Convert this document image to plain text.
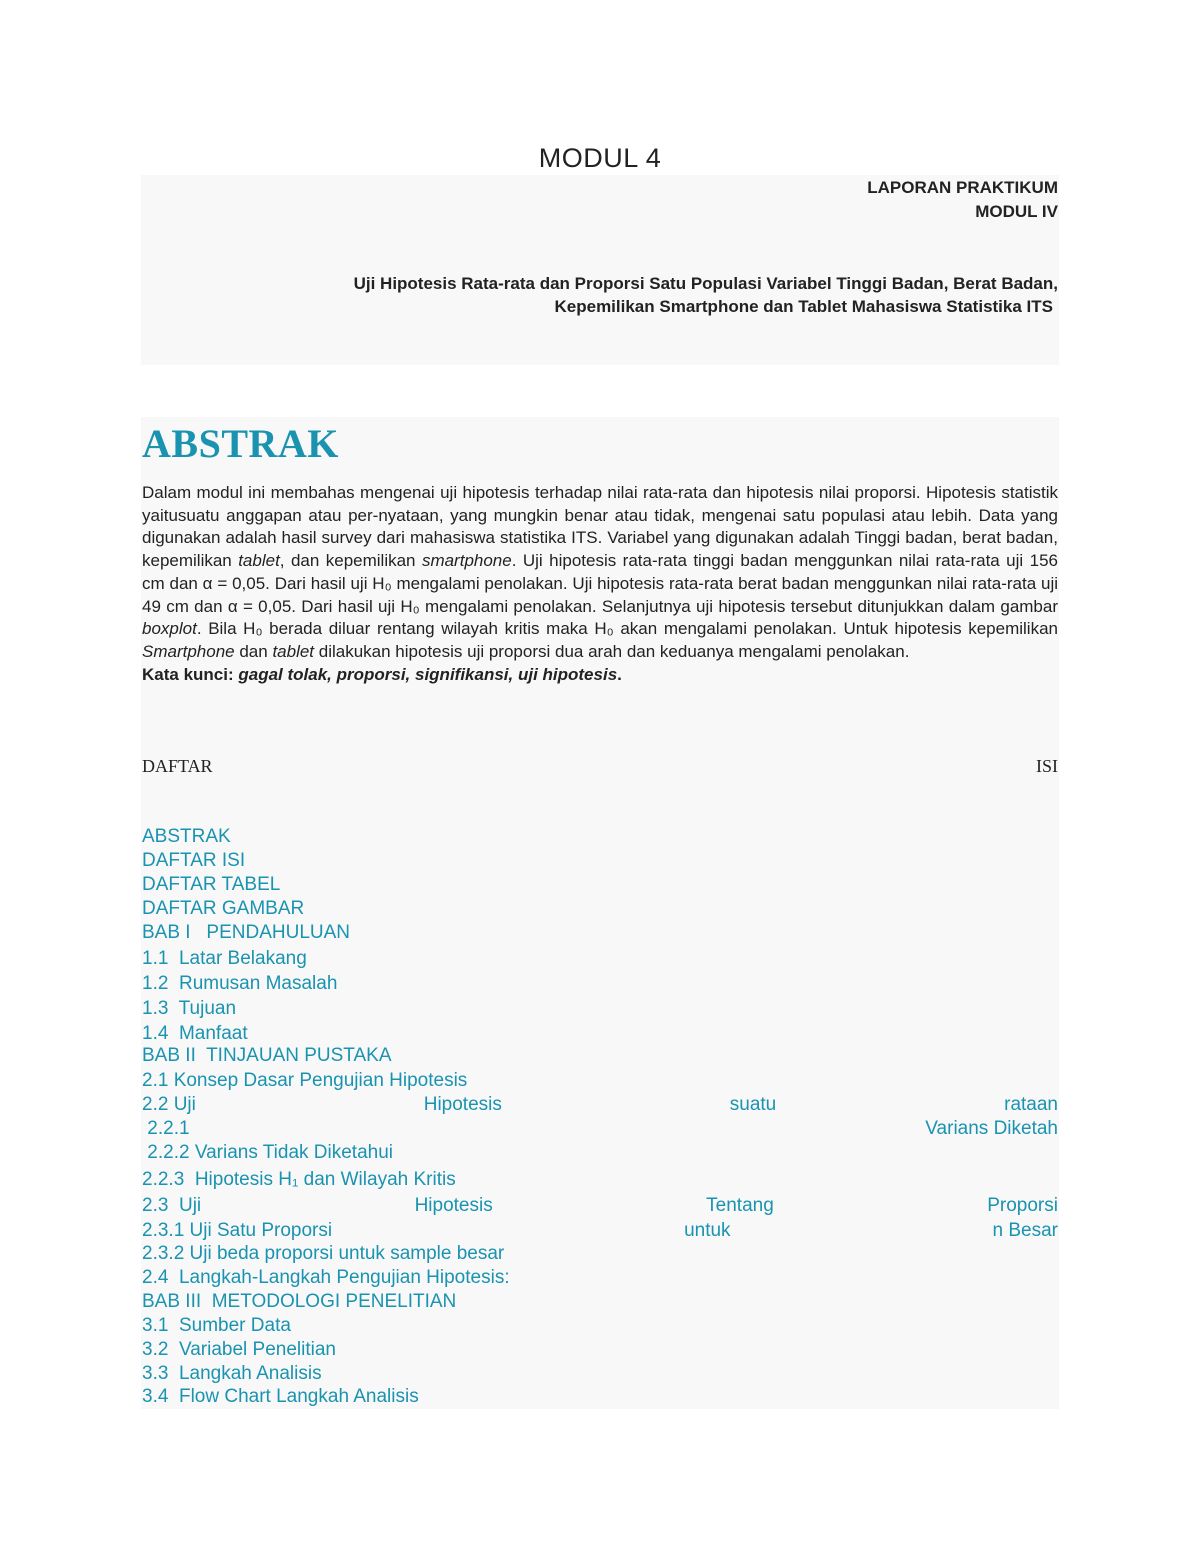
MODUL 4
LAPORAN PRAKTIKUM
MODUL IV
Uji Hipotesis Rata-rata dan Proporsi Satu Populasi Variabel Tinggi Badan, Berat Badan,
Kepemilikan Smartphone dan Tablet Mahasiswa Statistika ITS
ABSTRAK
Dalam modul ini membahas mengenai uji hipotesis terhadap nilai rata-rata dan hipotesis nilai proporsi. Hipotesis statistik yaitusuatu anggapan atau per-nyataan, yang mungkin benar atau tidak, mengenai satu populasi atau lebih. Data yang digunakan adalah hasil survey dari mahasiswa statistika ITS. Variabel yang digunakan adalah Tinggi badan, berat badan, kepemilikan tablet, dan kepemilikan smartphone. Uji hipotesis rata-rata tinggi badan menggunkan nilai rata-rata uji 156 cm dan α = 0,05. Dari hasil uji H₀ mengalami penolakan. Uji hipotesis rata-rata berat badan menggunkan nilai rata-rata uji 49 cm dan α = 0,05. Dari hasil uji H₀ mengalami penolakan. Selanjutnya uji hipotesis tersebut ditunjukkan dalam gambar boxplot. Bila H₀ berada diluar rentang wilayah kritis maka H₀ akan mengalami penolakan. Untuk hipotesis kepemilikan Smartphone dan tablet dilakukan hipotesis uji proporsi dua arah dan keduanya mengalami penolakan.
Kata kunci: gagal tolak, proporsi, signifikansi, uji hipotesis.
DAFTAR	ISI
ABSTRAK
DAFTAR ISI
DAFTAR TABEL
DAFTAR GAMBAR
BAB I   PENDAHULUAN
1.1  Latar Belakang
1.2  Rumusan Masalah
1.3  Tujuan
1.4  Manfaat
BAB II  TINJAUAN PUSTAKA
2.1 Konsep Dasar Pengujian Hipotesis
2.2 Uji	Hipotesis	suatu	rataan
2.2.1	Varians Diketah
2.2.2 Varians Tidak Diketahui
2.2.3  Hipotesis H₁ dan Wilayah Kritis
2.3  Uji	Hipotesis	Tentang	Proporsi
2.3.1 Uji Satu Proporsi	untuk	n Besar
2.3.2 Uji beda proporsi untuk sample besar
2.4  Langkah-Langkah Pengujian Hipotesis:
BAB III  METODOLOGI PENELITIAN
3.1  Sumber Data
3.2  Variabel Penelitian
3.3  Langkah Analisis
3.4  Flow Chart Langkah Analisis
